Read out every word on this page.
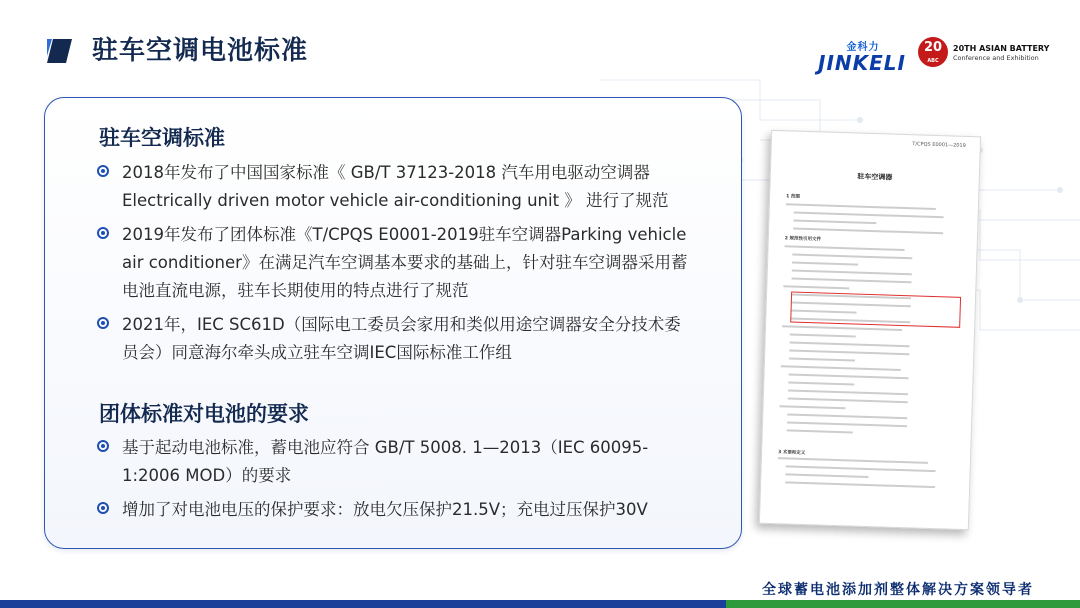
驻车空调电池标准	金科力
JINKELI
20
ABC
20TH ASIAN BATTERY
Conference and Exhibition
驻车空调标准
2018年发布了中国国家标准《 GB/T 37123-2018 汽车用电驱动空调器 Electrically driven motor vehicle air-conditioning unit 》 进行了规范
2019年发布了团体标准《T/CPQS E0001-2019驻车空调器Parking vehicle air conditioner》在满足汽车空调基本要求的基础上，针对驻车空调器采用蓄电池直流电源，驻车长期使用的特点进行了规范
2021年，IEC SC61D（国际电工委员会家用和类似用途空调器安全分技术委员会）同意海尔牵头成立驻车空调IEC国际标准工作组
团体标准对电池的要求
基于起动电池标准，蓄电池应符合 GB/T 5008. 1—2013（IEC 60095-1:2006 MOD）的要求
增加了对电池电压的保护要求：放电欠压保护21.5V；充电过压保护30V
T/CPQS E0001—2019
驻车空调器
1 范围
2 规范性引用文件
3 术语和定义
全球蓄电池添加剂整体解决方案领导者
